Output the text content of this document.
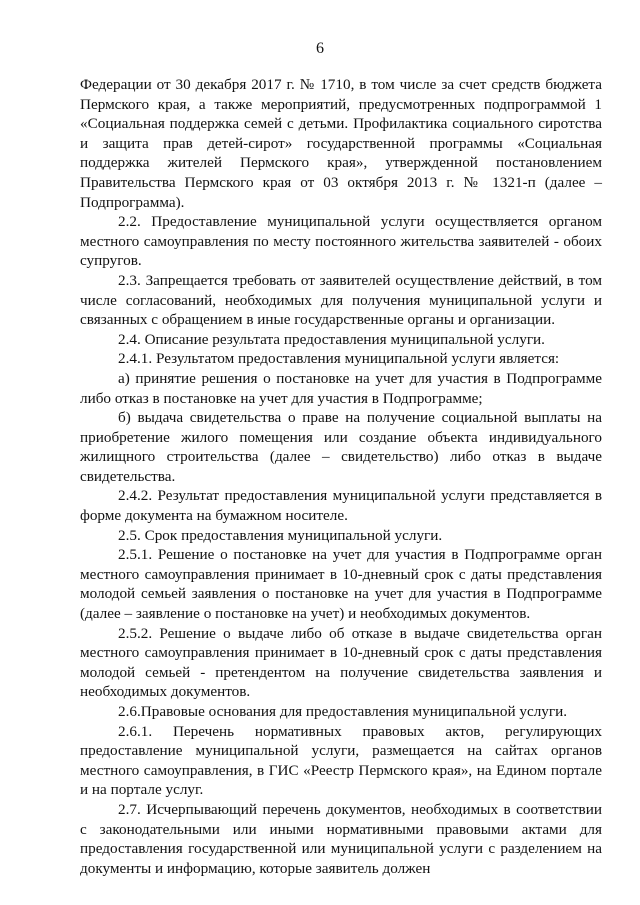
6

Федерации от 30 декабря 2017 г. № 1710, в том числе за счет средств бюджета Пермского края, а также мероприятий, предусмотренных подпрограммой 1 «Социальная поддержка семей с детьми. Профилактика социального сиротства и защита прав детей-сирот» государственной программы «Социальная поддержка жителей Пермского края», утвержденной постановлением Правительства Пермского края от 03 октября 2013 г. № 1321-п (далее – Подпрограмма).

2.2. Предоставление муниципальной услуги осуществляется органом местного самоуправления по месту постоянного жительства заявителей - обоих супругов.

2.3. Запрещается требовать от заявителей осуществление действий, в том числе согласований, необходимых для получения муниципальной услуги и связанных с обращением в иные государственные органы и организации.

2.4. Описание результата предоставления муниципальной услуги.

2.4.1. Результатом предоставления муниципальной услуги является:

а) принятие решения о постановке на учет для участия в Подпрограмме либо отказ в постановке на учет для участия в Подпрограмме;

б) выдача свидетельства о праве на получение социальной выплаты на приобретение жилого помещения или создание объекта индивидуального жилищного строительства (далее – свидетельство) либо отказ в выдаче свидетельства.

2.4.2. Результат предоставления муниципальной услуги представляется в форме документа на бумажном носителе.

2.5. Срок предоставления муниципальной услуги.

2.5.1. Решение о постановке на учет для участия в Подпрограмме орган местного самоуправления принимает в 10-дневный срок с даты представления молодой семьей заявления о постановке на учет для участия в Подпрограмме (далее – заявление о постановке на учет) и необходимых документов.

2.5.2. Решение о выдаче либо об отказе в выдаче свидетельства орган местного самоуправления принимает в 10-дневный срок с даты представления молодой семьей - претендентом на получение свидетельства заявления и необходимых документов.

2.6.Правовые основания для предоставления муниципальной услуги.

2.6.1. Перечень нормативных правовых актов, регулирующих предоставление муниципальной услуги, размещается на сайтах органов местного самоуправления, в ГИС «Реестр Пермского края», на Едином портале и на портале услуг.

2.7. Исчерпывающий перечень документов, необходимых в соответствии с законодательными или иными нормативными правовыми актами для предоставления государственной или муниципальной услуги с разделением на документы и информацию, которые заявитель должен
